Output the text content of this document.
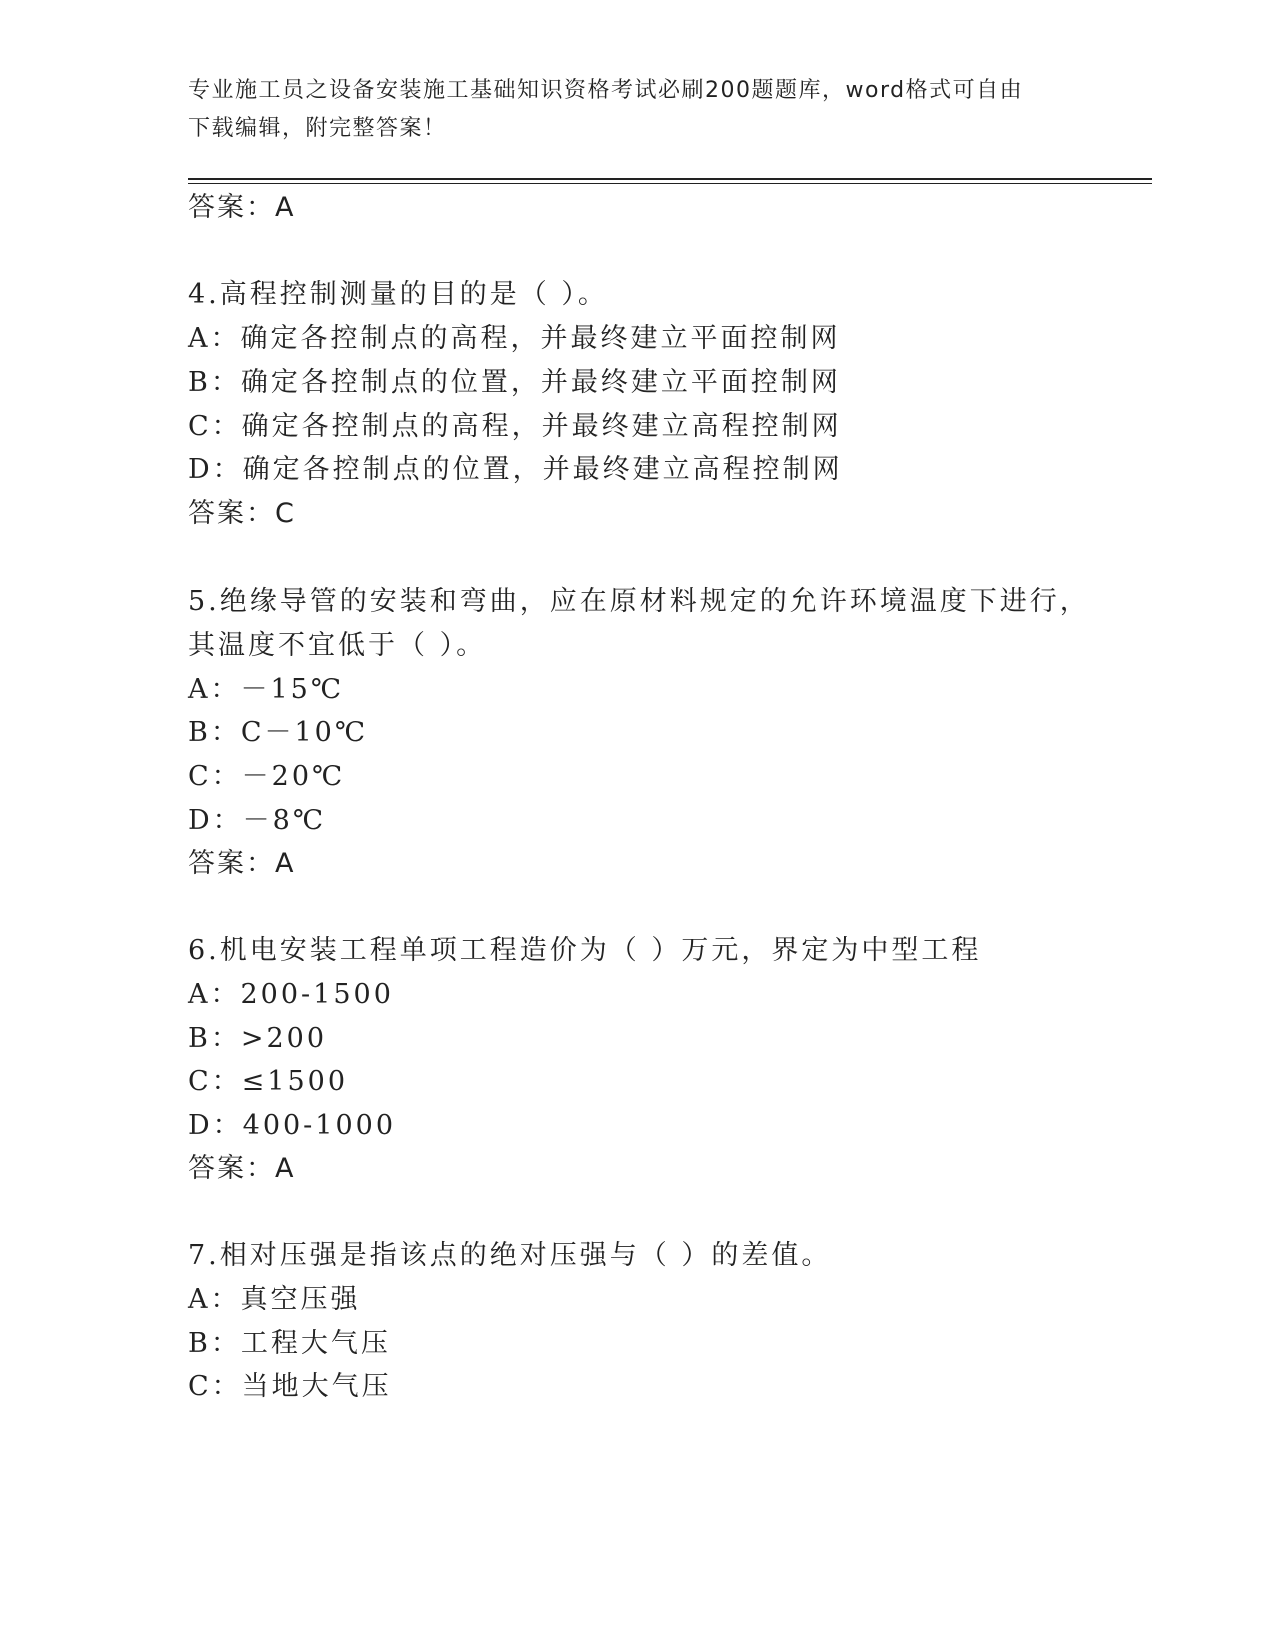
专业施工员之设备安装施工基础知识资格考试必刷200题题库，word格式可自由
下载编辑，附完整答案！
答案：A
4.高程控制测量的目的是（ ）。
A：确定各控制点的高程，并最终建立平面控制网
B：确定各控制点的位置，并最终建立平面控制网
C：确定各控制点的高程，并最终建立高程控制网
D：确定各控制点的位置，并最终建立高程控制网
答案：C
5.绝缘导管的安装和弯曲，应在原材料规定的允许环境温度下进行，
其温度不宜低于（ ）。
A：－15℃
B：C－10℃
C：－20℃
D：－8℃
答案：A
6.机电安装工程单项工程造价为（ ）万元，界定为中型工程
A：200-1500
B：>200
C：≤1500
D：400-1000
答案：A
7.相对压强是指该点的绝对压强与（ ）的差值。
A：真空压强
B：工程大气压
C：当地大气压
